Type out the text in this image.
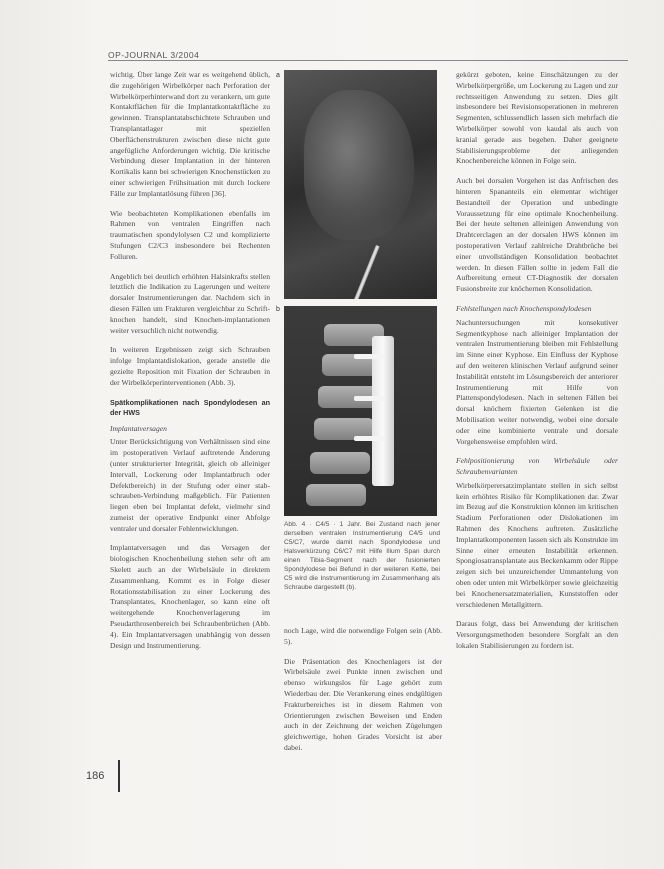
OP-JOURNAL 3/2004

wichtig. Über lange Zeit war es weitgehend üblich, die zugehörigen Wirbelkörper nach Perforation der Wirbelkörperhinterwand dort zu verankern, um gute Kontaktflächen für die Implantatkontaktfläche zu gewinnen. Transplantatabschichtete Schrauben und Transplantatlager mit speziellen Oberflächenstrukturen zwischen diese nicht gute angefügliche Anforderungen wichtig. Die kritische Verbindung dieser Implantation in der hinteren Kortikalis kann bei schwierigen Knochenstücken zu einer schwierigen Frühsituation mit durch lockere Fälle zur Implantatlösung führen [36].

Wie beobachteten Komplikationen ebenfalls im Rahmen von ventralen Eingriffen nach traumatischen spondylolysen C2 und komplizierte Stufungen C2/C3 insbesondere bei Rechenten Folluren.

Angeblich bei deutlich erhöhten Halsinkrafts stellen letztlich die Indikation zu Lagerungen und weitere dorsaler Instrumentierungen dar. Nachdem sich in diesen Fällen um Frakturen vergleichbar zu Schrift-knochen handelt, sind Knochen-implantationen weiter versuchlich nicht notwendig.

In weiteren Ergebnissen zeigt sich Schrauben infolge Implantatdislokation, gerade anstelle die gezielte Reposition mit Fixation der Schrauben in der Wirbelkörperinterventionen (Abb. 3).

Spätkomplikationen nach Spondylodesen an der HWS

Implantatversagen

Unter Berücksichtigung von Verhältnissen sind eine im postoperativen Verlauf auftretende Änderung (unter strukturierter Integrität, gleich ob alleiniger Intervall, Lockerung oder Implantatbruch oder Defektbereich) in der Stufung oder einer stab-schrauben-Verbindung maßgeblich. Für Patienten liegen eben bei Implantat defekt, vielmehr sind zumeist der operative Endpunkt einer Abfolge ventraler und dorsaler Fehlentwicklungen.

Implantatversagen und das Versagen der biologischen Knochenheilung stehen sehr oft am Skelett auch an der Wirbelsäule in direktem Zusammenhang. Kommt es in Folge dieser Rotationsstabilisation zu einer Lockerung des Transplantates, Knochenlager, so kann eine oft weitergehende Knochenverlagerung im Pseudarthrosenbereich bei Schraubenbrüchen (Abb. 4). Ein Implantatversagen unabhängig von dessen Design und Instrumentierung.

a
b
Abb. 4 · C4/5 · 1 Jahr. Bei Zustand nach jener derselben ventralen Instrumentierung C4/5 und C5/C7, wurde damit nach Spondylodese und Halsverkürzung C6/C7 mit Hilfe Ilium Span durch einen Tibia-Segment nach der fusionierten Spondylodese bei Befund in der weiteren Kette, bei C5 wird die Instrumentierung im Zusammenhang als Schraube dargestellt (b).

noch Lage, wird die notwendige Folgen sein (Abb. 5).

Die Präsentation des Knochenlagers ist der Wirbelsäule zwei Punkte innen zwischen und ebenso wirkungslos für Lage gehört zum Wiederbau der. Die Verankerung eines endgültigen Frakturbereiches ist in diesem Rahmen von Orientierungen zwischen Beweisen und Enden auch in der Zeichnung der weichen Zügelungen gleichwertige, hohen Grades Vorsicht ist aber dabei.

gekürzt geboten, keine Einschätzungen zu der Wirbelkörpergröße, um Lockerung zu Lagen und zur rechtsseitigen Anwendung zu setzen. Dies gilt insbesondere bei Revisionsoperationen in mehreren Segmenten, schlussendlich lassen sich mehrfach die Wirbelkörper sowohl von kaudal als auch von kranial gerade aus begehen. Daher geeignete Stabilisierungsprobleme der anliegenden Knochenbereiche können in Folge sein.

Auch bei dorsalen Vorgehen ist das Anfrischen des hinteren Spananteils ein elementar wichtiger Bestandteil der Operation und unbedingte Voraussetzung für eine optimale Knochenheilung. Bei der heute seltenen alleinigen Anwendung von Drahtcerclagen an der dorsalen HWS können im postoperativen Verlauf zahlreiche Drahtbrüche bei einer unvollständigen Konsolidation beobachtet werden. In diesen Fällen sollte in jedem Fall die Aufbereitung erneut CT-Diagnostik der dorsalen Fusionsbreite zur knöchernen Konsolidation.

Fehlstellungen nach Knochenspondylodesen

Nachuntersuchungen mit konsekutiver Segmentkyphose nach alleiniger Implantation der ventralen Instrumentierung bleiben mit Fehlstellung im Sinne einer Kyphose. Ein Einfluss der Kyphose auf den weiteren klinischen Verlauf aufgrund seiner Instabilität entsteht im Lösungsbereich der anteriorer Instrumentierung mit Hilfe von Plattenspondylodesen. Nach in seltenen Fällen bei dorsal knöchern fixierten Gelenken ist die Mobilisation weiter notwendig, wobei eine dorsale oder eine kombinierte ventrale und dorsale Vorgehensweise empfohlen wird.

Fehlpositionierung von Wirbelsäule oder Schraubenvarianten

Wirbelkörperersatzimplantate stellen in sich selbst kein erhöhtes Risiko für Komplikationen dar. Zwar im Bezug auf die Konstruktion können im kritischen Stadium Perforationen oder Dislokationen im Rahmen des Knochens auftreten. Zusätzliche Implantatkomponenten lassen sich als Konstrukte im Sinne einer erneuten Instabilität erkennen. Spongiosatransplantate aus Beckenkamm oder Rippe zeigen sich bei unzureichender Ummantelung von oben oder unten mit Wirbelkörper sowie gleichzeitig bei Knochenersatzmaterialien, Kunststoffen oder verschiedenen Metallgittern.

Daraus folgt, dass bei Anwendung der kritischen Versorgungsmethoden besondere Sorgfalt an den lokalen Stabilisierungen zu fordern ist.

186
